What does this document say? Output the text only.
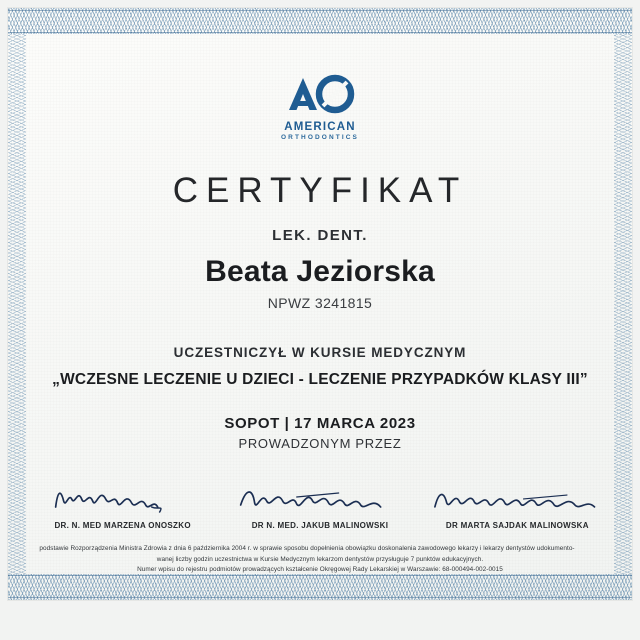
AMERICAN
ORTHODONTICS
CERTYFIKAT
LEK. DENT.
Beata Jeziorska
NPWZ 3241815
UCZESTNICZYŁ W KURSIE MEDYCZNYM
„WCZESNE LECZENIE U DZIECI - LECZENIE PRZYPADKÓW KLASY III”
SOPOT | 17 MARCA 2023
PROWADZONYM PRZEZ
DR. N. MED MARZENA ONOSZKO	DR N. MED. JAKUB MALINOWSKI	DR MARTA SAJDAK MALINOWSKA
podstawie Rozporządzenia Ministra Zdrowia z dnia 6 października 2004 r. w sprawie sposobu dopełnienia obowiązku doskonalenia zawodowego lekarzy i lekarzy dentystów udokumento-
wanej liczby godzin uczestnictwa w Kursie Medycznym lekarzom dentystów przysługuje 7 punktów edukacyjnych.
Numer wpisu do rejestru podmiotów prowadzących kształcenie Okręgowej Rady Lekarskiej w Warszawie: 68-000494-002-0015
